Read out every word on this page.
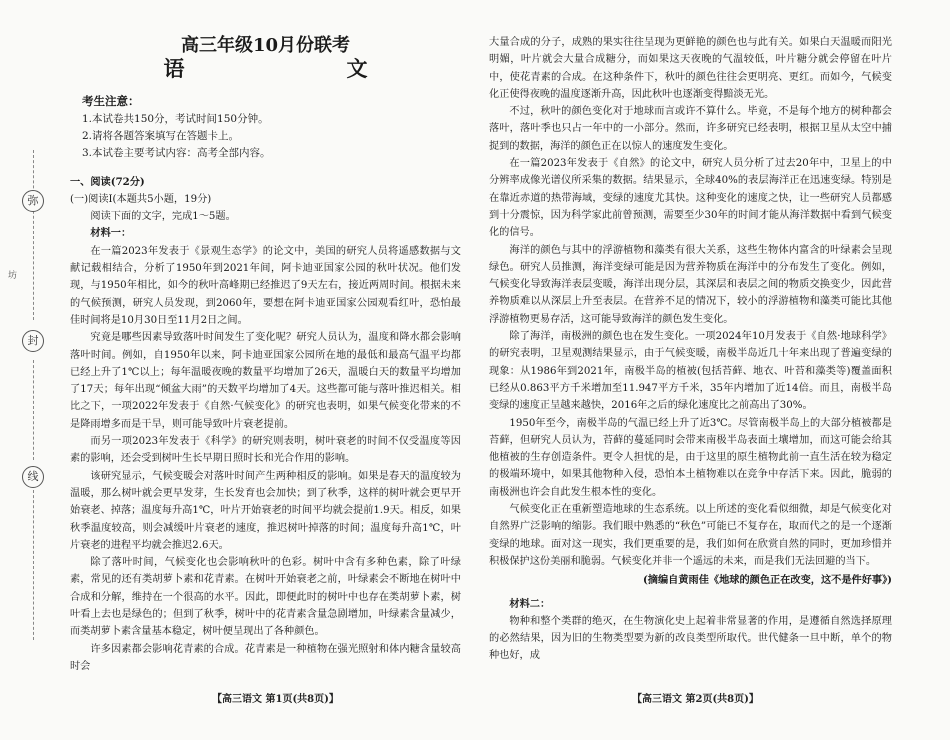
弥
封
线
坊
高三年级10月份联考
语　　文
考生注意：
1.本试卷共150分，考试时间150分钟。
2.请将各题答案填写在答题卡上。
3.本试卷主要考试内容：高考全部内容。
一、阅读(72分)

(一)阅读Ⅰ(本题共5小题，19分)

阅读下面的文字，完成1～5题。

材料一：

在一篇2023年发表于《景观生态学》的论文中，美国的研究人员将遥感数据与文献记载相结合，分析了1950年到2021年间，阿卡迪亚国家公园的秋叶状况。他们发现，与1950年相比，如今的秋叶高峰期已经推迟了9天左右，接近两周时间。根据未来的气候预测，研究人员发现，到2060年，要想在阿卡迪亚国家公园观看红叶，恐怕最佳时间将是10月30日至11月2日之间。

究竟是哪些因素导致落叶时间发生了变化呢？研究人员认为，温度和降水都会影响落叶时间。例如，自1950年以来，阿卡迪亚国家公园所在地的最低和最高气温平均都已经上升了1℃以上；每年温暖夜晚的数量平均增加了26天，温暖白天的数量平均增加了17天；每年出现“倾盆大雨”的天数平均增加了4天。这些都可能与落叶推迟相关。相比之下，一项2022年发表于《自然·气候变化》的研究也表明，如果气候变化带来的不是降雨增多而是干旱，则可能导致叶片衰老提前。

而另一项2023年发表于《科学》的研究则表明，树叶衰老的时间不仅受温度等因素的影响，还会受到树叶生长早期日照时长和光合作用的影响。

该研究显示，气候变暖会对落叶时间产生两种相反的影响。如果是春天的温度较为温暖，那么树叶就会更早发芽，生长发育也会加快；到了秋季，这样的树叶就会更早开始衰老、掉落；温度每升高1℃，叶片开始衰老的时间平均就会提前1.9天。相反，如果秋季温度较高，则会减缓叶片衰老的速度，推迟树叶掉落的时间；温度每升高1℃，叶片衰老的进程平均就会推迟2.6天。

除了落叶时间，气候变化也会影响秋叶的色彩。树叶中含有多种色素，除了叶绿素，常见的还有类胡萝卜素和花青素。在树叶开始衰老之前，叶绿素会不断地在树叶中合成和分解，维持在一个很高的水平。因此，即便此时的树叶中也存在类胡萝卜素，树叶看上去也是绿色的；但到了秋季，树叶中的花青素含量急剧增加，叶绿素含量减少，而类胡萝卜素含量基本稳定，树叶便呈现出了各种颜色。

许多因素都会影响花青素的合成。花青素是一种植物在强光照射和体内糖含量较高时会

大量合成的分子，成熟的果实往往呈现为更鲜艳的颜色也与此有关。如果白天温暖而阳光明媚，叶片就会大量合成糖分，而如果这天夜晚的气温较低，叶片糖分就会停留在叶片中，使花青素的合成。在这种条件下，秋叶的颜色往往会更明亮、更红。而如今，气候变化正使得夜晚的温度逐渐升高，因此秋叶也逐渐变得黯淡无光。

不过，秋叶的颜色变化对于地球而言或许不算什么。毕竟，不是每个地方的树种都会落叶，落叶季也只占一年中的一小部分。然而，许多研究已经表明，根据卫星从太空中捕捉到的数据，海洋的颜色正在以惊人的速度发生变化。

在一篇2023年发表于《自然》的论文中，研究人员分析了过去20年中，卫星上的中分辨率成像光谱仪所采集的数据。结果显示，全球40%的表层海洋正在迅速变绿。特别是在靠近赤道的热带海域，变绿的速度尤其快。这种变化的速度之快，让一些研究人员都感到十分震惊，因为科学家此前曾预测，需要至少30年的时间才能从海洋数据中看到气候变化的信号。

海洋的颜色与其中的浮游植物和藻类有很大关系，这些生物体内富含的叶绿素会呈现绿色。研究人员推测，海洋变绿可能是因为营养物质在海洋中的分布发生了变化。例如，气候变化导致海洋表层变暖，海洋出现分层，其深层和表层之间的物质交换变少，因此营养物质难以从深层上升至表层。在营养不足的情况下，较小的浮游植物和藻类可能比其他浮游植物更易存活，这可能导致海洋的颜色发生变化。

除了海洋，南极洲的颜色也在发生变化。一项2024年10月发表于《自然·地球科学》的研究表明，卫星观测结果显示，由于气候变暖，南极半岛近几十年来出现了普遍变绿的现象：从1986年到2021年，南极半岛的植被(包括苔藓、地衣、叶苔和藻类等)覆盖面积已经从0.863平方千米增加至11.947平方千米，35年内增加了近14倍。而且，南极半岛变绿的速度正呈越来越快，2016年之后的绿化速度比之前高出了30%。

1950年至今，南极半岛的气温已经上升了近3℃。尽管南极半岛上的大部分植被都是苔藓，但研究人员认为，苔藓的蔓延同时会带来南极半岛表面土壤增加，而这可能会给其他植被的生存创造条件。更令人担忧的是，由于这里的原生植物此前一直生活在较为稳定的极端环境中，如果其他物种入侵，恐怕本土植物难以在竞争中存活下来。因此，脆弱的南极洲也许会自此发生根本性的变化。

气候变化正在重新塑造地球的生态系统。以上所述的变化看似细微，却是气候变化对自然界广泛影响的缩影。我们眼中熟悉的“秋色”可能已不复存在，取而代之的是一个逐渐变绿的地球。面对这一现实，我们更重要的是，我们如何在欣赏自然的同时，更加珍惜并积极保护这份美丽和脆弱。气候变化并非一个遥远的未来，而是我们无法回避的当下。

(摘编自黄雨佳《地球的颜色正在改变，这不是件好事》)

材料二：

物种和整个类群的绝灭，在生物演化史上起着非常显著的作用，是遵循自然选择原理的必然结果，因为旧的生物类型要为新的改良类型所取代。世代健条一旦中断，单个的物种也好，成

【高三语文 第1页(共8页)】	【高三语文 第2页(共8页)】
